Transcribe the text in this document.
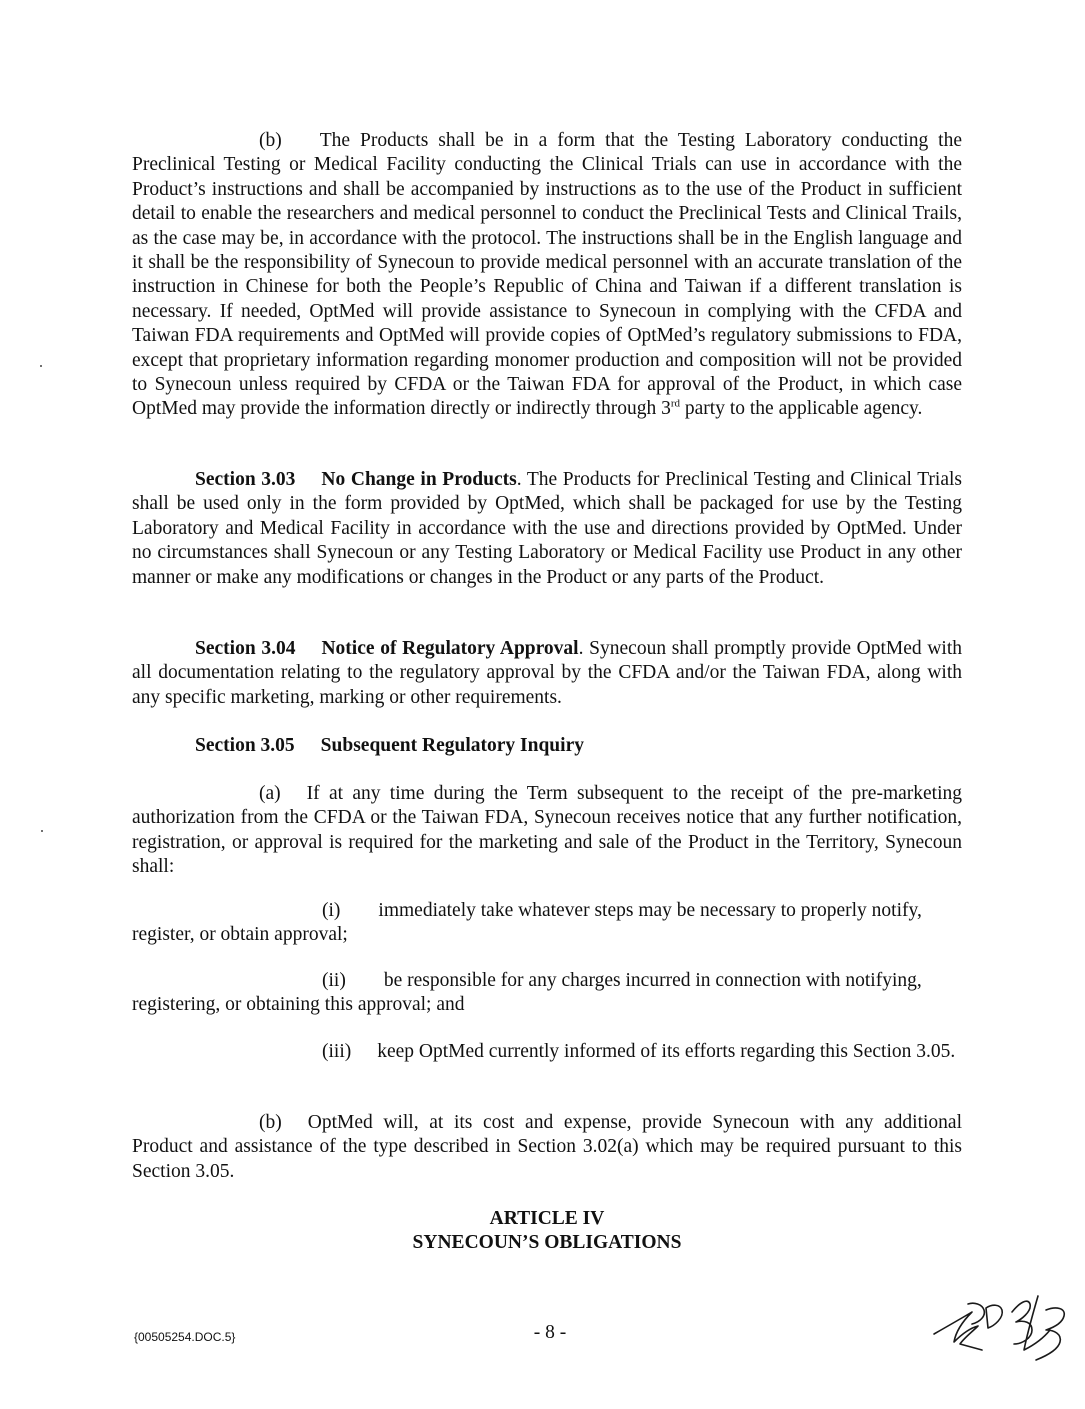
(b) The Products shall be in a form that the Testing Laboratory conducting the Preclinical Testing or Medical Facility conducting the Clinical Trials can use in accordance with the Product’s instructions and shall be accompanied by instructions as to the use of the Product in sufficient detail to enable the researchers and medical personnel to conduct the Preclinical Tests and Clinical Trails, as the case may be, in accordance with the protocol. The instructions shall be in the English language and it shall be the responsibility of Synecoun to provide medical personnel with an accurate translation of the instruction in Chinese for both the People’s Republic of China and Taiwan if a different translation is necessary. If needed, OptMed will provide assistance to Synecoun in complying with the CFDA and Taiwan FDA requirements and OptMed will provide copies of OptMed’s regulatory submissions to FDA, except that proprietary information regarding monomer production and composition will not be provided to Synecoun unless required by CFDA or the Taiwan FDA for approval of the Product, in which case OptMed may provide the information directly or indirectly through 3rd party to the applicable agency.

Section 3.03 No Change in Products. The Products for Preclinical Testing and Clinical Trials shall be used only in the form provided by OptMed, which shall be packaged for use by the Testing Laboratory and Medical Facility in accordance with the use and directions provided by OptMed. Under no circumstances shall Synecoun or any Testing Laboratory or Medical Facility use Product in any other manner or make any modifications or changes in the Product or any parts of the Product.

Section 3.04 Notice of Regulatory Approval. Synecoun shall promptly provide OptMed with all documentation relating to the regulatory approval by the CFDA and/or the Taiwan FDA, along with any specific marketing, marking or other requirements.

Section 3.05 Subsequent Regulatory Inquiry

(a) If at any time during the Term subsequent to the receipt of the pre-marketing authorization from the CFDA or the Taiwan FDA, Synecoun receives notice that any further notification, registration, or approval is required for the marketing and sale of the Product in the Territory, Synecoun shall:

(i) immediately take whatever steps may be necessary to properly notify, register, or obtain approval;

(ii) be responsible for any charges incurred in connection with notifying, registering, or obtaining this approval; and

(iii) keep OptMed currently informed of its efforts regarding this Section 3.05.

(b) OptMed will, at its cost and expense, provide Synecoun with any additional Product and assistance of the type described in Section 3.02(a) which may be required pursuant to this Section 3.05.

ARTICLE IV
SYNECOUN’S OBLIGATIONS
{00505254.DOC.5}	- 8 -
